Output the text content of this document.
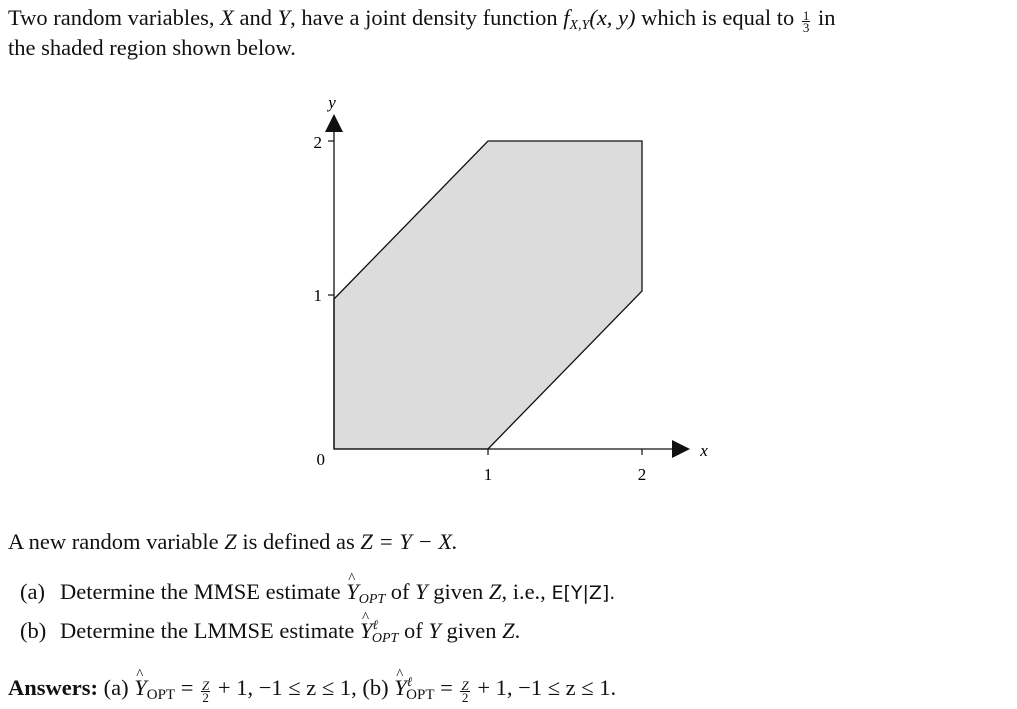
Two random variables, X and Y, have a joint density function $f_{X,Y}(x$, y) which is equal to $\frac{1}{3}$ in
the shaded region shown below.
y
x
2
1
0
1	2
A new random variable Z is defined as Z = Y − X.
(a) Determine the MMSE estimate ^ $Y_{OPT}$ of Y given Z, i.e., E[Y|Z].
(b) Determine the LMMSE estimate ^ $Y^\ell_{OPT}$ of Y given Z.
Answers: (a) ^ YOPT = $\frac{Z}{2} + 1$, −1 ≤ z ≤ 1, (b) ^ $Y^\ell OPT = \frac{Z}{2} + 1$, −1 ≤ z ≤ 1.
